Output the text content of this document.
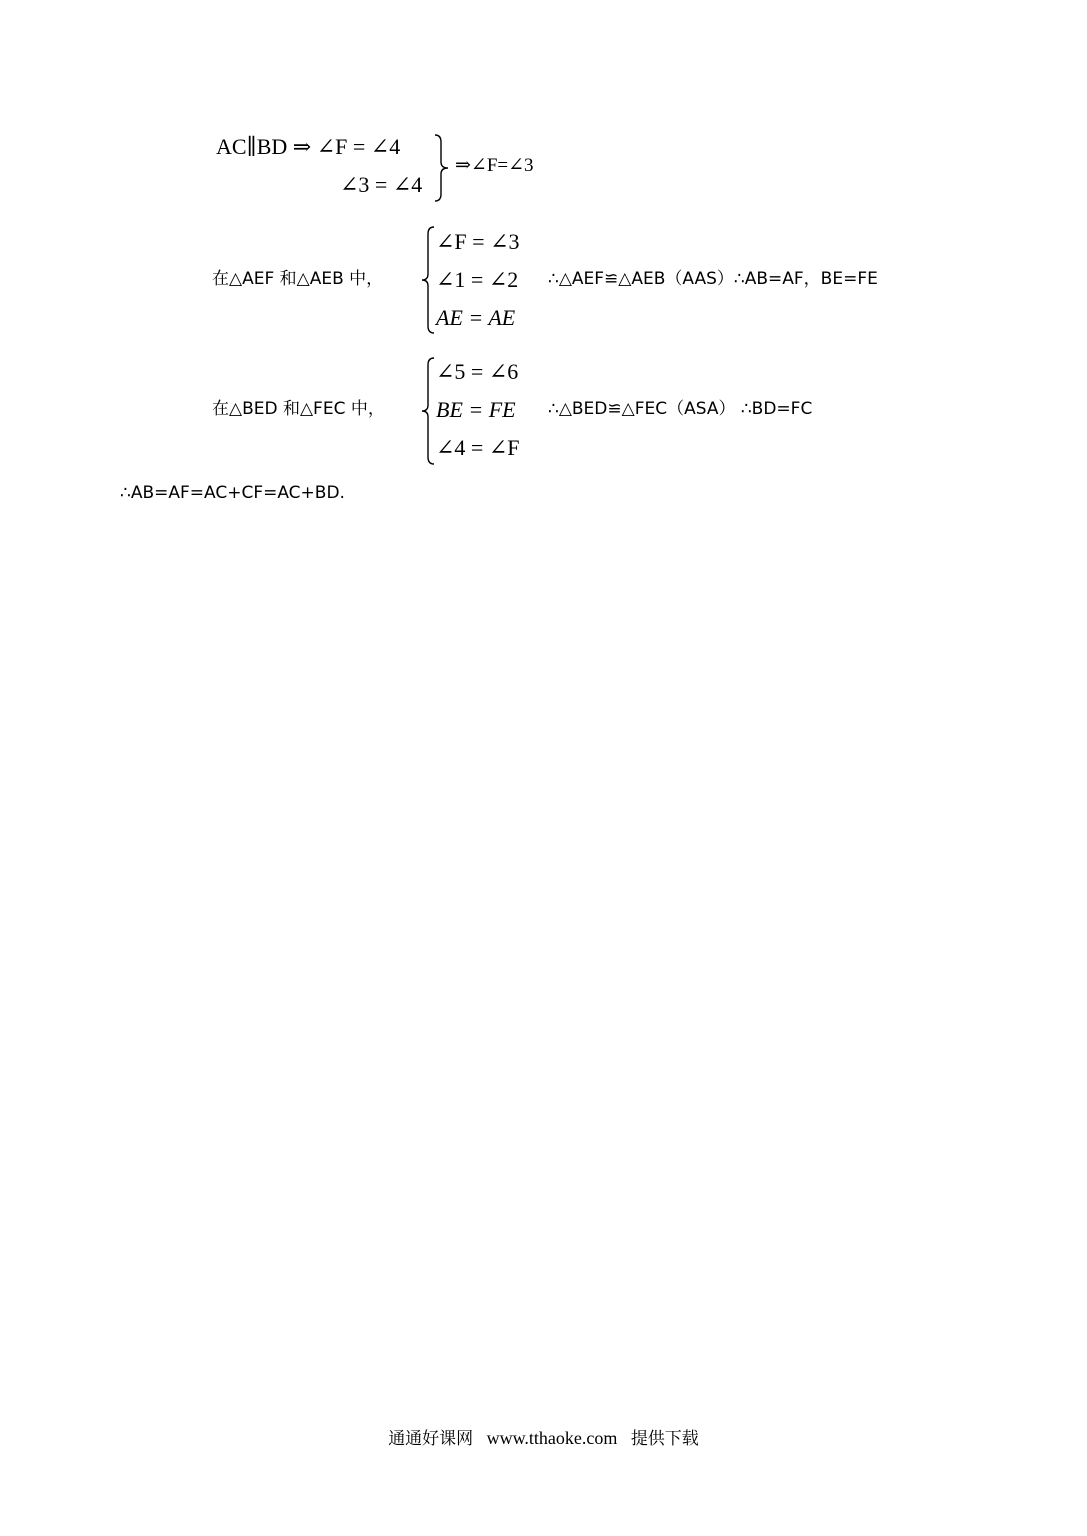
AC∥BD ⇒ ∠F = ∠4
∠3 = ∠4
⇒∠F=∠3
在△AEF 和△AEB 中，
∠F = ∠3
∠1 = ∠2
AE = AE
∴△AEF≌△AEB（AAS）∴AB=AF，BE=FE
在△BED 和△FEC 中，
∠5 = ∠6
BE = FE
∠4 = ∠F
∴△BED≌△FEC（ASA） ∴BD=FC
∴AB=AF=AC+CF=AC+BD.
通通好课网 www.tthaoke.com 提供下载
